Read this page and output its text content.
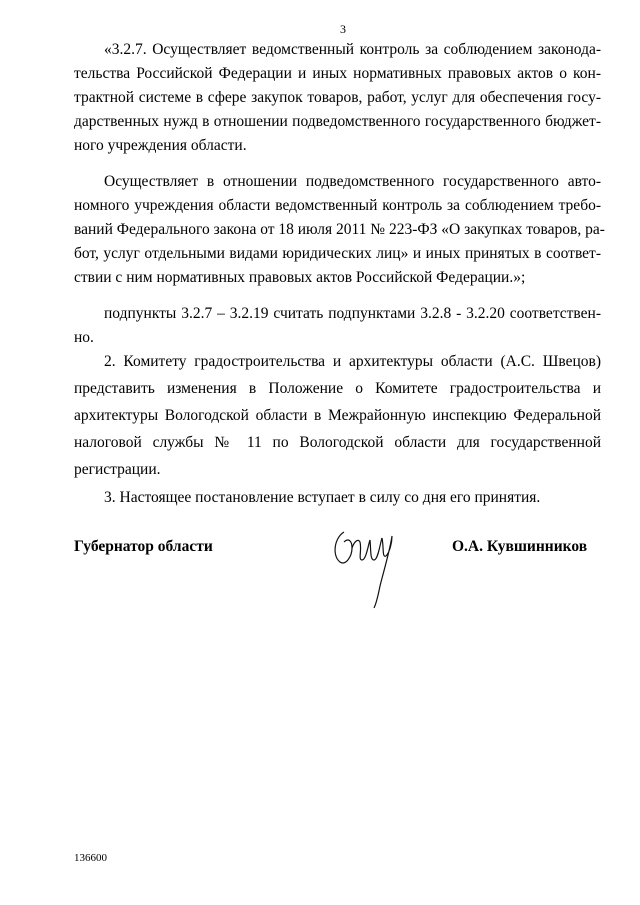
3
«3.2.7. Осуществляет ведомственный контроль за соблюдением законода-
тельства Российской Федерации и иных нормативных правовых актов о кон-
трактной системе в сфере закупок товаров, работ, услуг для обеспечения госу-
дарственных нужд в отношении подведомственного государственного бюджет-
ного учреждения области.
Осуществляет в отношении подведомственного государственного авто-
номного учреждения области ведомственный контроль за соблюдением требо-
ваний Федерального закона от 18 июля 2011 № 223-ФЗ «О закупках товаров, ра-
бот, услуг отдельными видами юридических лиц» и иных принятых в соответ-
ствии с ним нормативных правовых актов Российской Федерации.»;
подпункты 3.2.7 – 3.2.19 считать подпунктами 3.2.8 - 3.2.20 соответствен-
но.
2. Комитету градостроительства и архитектуры области (А.С. Швецов)
представить изменения в Положение о Комитете градостроительства и
архитектуры Вологодской области в Межрайонную инспекцию Федеральной
налоговой службы № 11 по Вологодской области для государственной
регистрации.
3. Настоящее постановление вступает в силу со дня его принятия.
Губернатор области	О.А. Кувшинников
136600
